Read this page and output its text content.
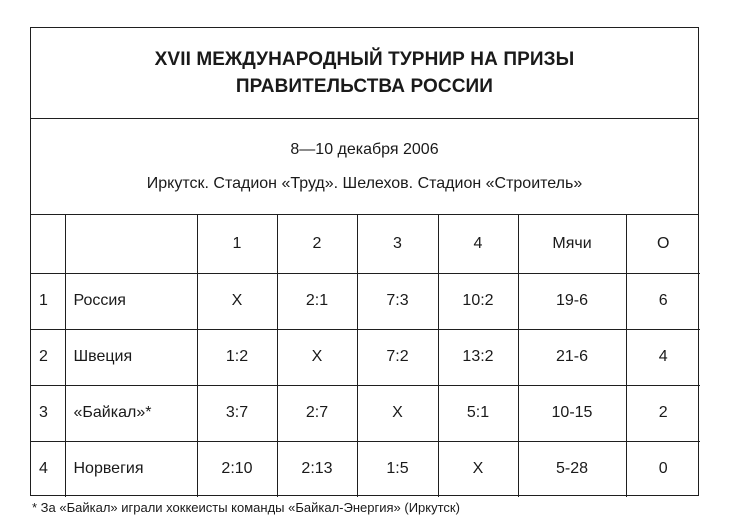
XVII МЕЖДУНАРОДНЫЙ ТУРНИР НА ПРИЗЫ
ПРАВИТЕЛЬСТВА РОССИИ
8—10 декабря 2006
Иркутск. Стадион «Труд». Шелехов. Стадион «Строитель»
		1	2	3	4	Мячи	О
1	Россия	Х	2:1	7:3	10:2	19-6	6
2	Швеция	1:2	Х	7:2	13:2	21-6	4
3	«Байкал»*	3:7	2:7	Х	5:1	10-15	2
4	Норвегия	2:10	2:13	1:5	Х	5-28	0
* За «Байкал» играли хоккеисты команды «Байкал-Энергия» (Иркутск)
